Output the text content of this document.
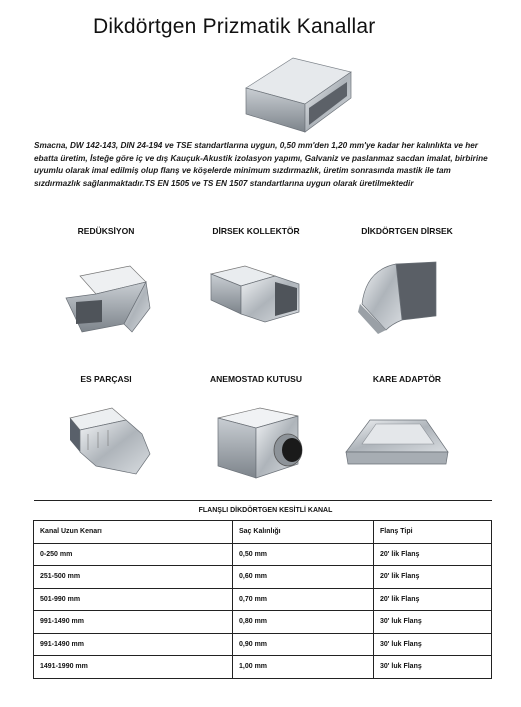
Dikdörtgen Prizmatik Kanallar
Smacna, DW 142-143, DIN 24-194 ve TSE standartlarına uygun, 0,50 mm'den 1,20 mm'ye kadar her kalınlıkta ve her ebatta üretim, İsteğe göre iç ve dış Kauçuk-Akustik izolasyon yapımı, Galvaniz ve paslanmaz sacdan imalat, birbirine uyumlu olarak imal edilmiş olup flanş ve köşelerde minimum sızdırmazlık, üretim sonrasında mastik ile tam sızdırmazlık sağlanmaktadır.TS EN 1505 ve TS EN 1507 standartlarına uygun olarak üretilmektedir
REDÜKSİYON	DİRSEK KOLLEKTÖR	DİKDÖRTGEN DİRSEK
ES PARÇASI	ANEMOSTAD KUTUSU	KARE ADAPTÖR
FLANŞLI DİKDÖRTGEN KESİTLİ KANAL		
Kanal Uzun Kenarı	Saç Kalınlığı	Flanş Tipi
0-250 mm	0,50 mm	20' lik Flanş
251-500 mm	0,60 mm	20' lik Flanş
501-990 mm	0,70 mm	20' lik Flanş
991-1490 mm	0,80 mm	30' luk Flanş
991-1490 mm	0,90 mm	30' luk Flanş
1491-1990 mm	1,00 mm	30' luk Flanş
